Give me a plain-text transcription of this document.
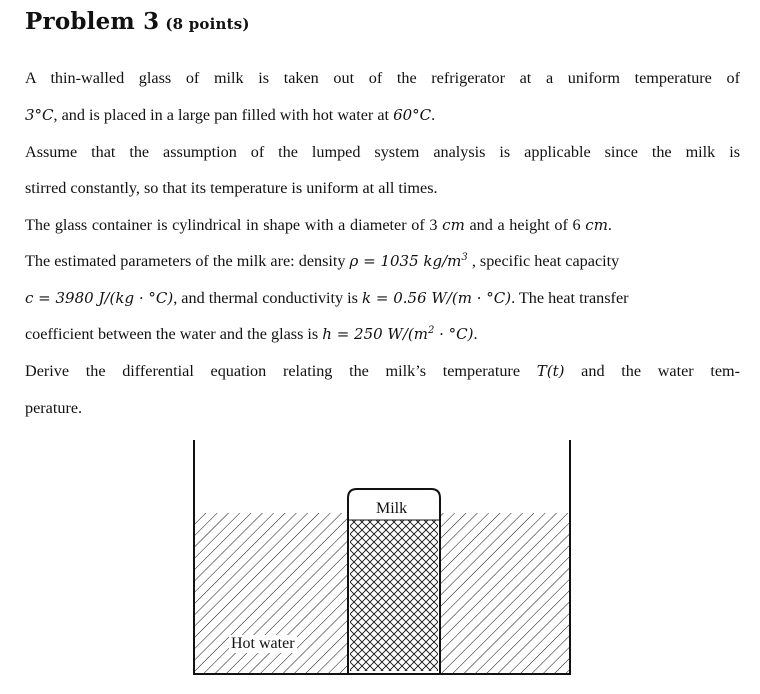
Problem 3 (8 points)
A thin-walled glass of milk is taken out of the refrigerator at a uniform temperature of
3°C, and is placed in a large pan filled with hot water at 60°C.
Assume that the assumption of the lumped system analysis is applicable since the milk is
stirred constantly, so that its temperature is uniform at all times.
The glass container is cylindrical in shape with a diameter of 3 cm and a height of 6 cm.
The estimated parameters of the milk are: density ρ = 1035 $kg/m^3$ , specific heat capacity
c = 3980 J/(kg · °C), and thermal conductivity is k = 0.56 W/(m · °C). The heat transfer
coefficient between the water and the glass is h = 250 $W/(m^2 \cdot ^\circ C)$.
Derive the differential equation relating the milk’s temperature T(t) and the water tem-
perature.
Milk
Hot water
